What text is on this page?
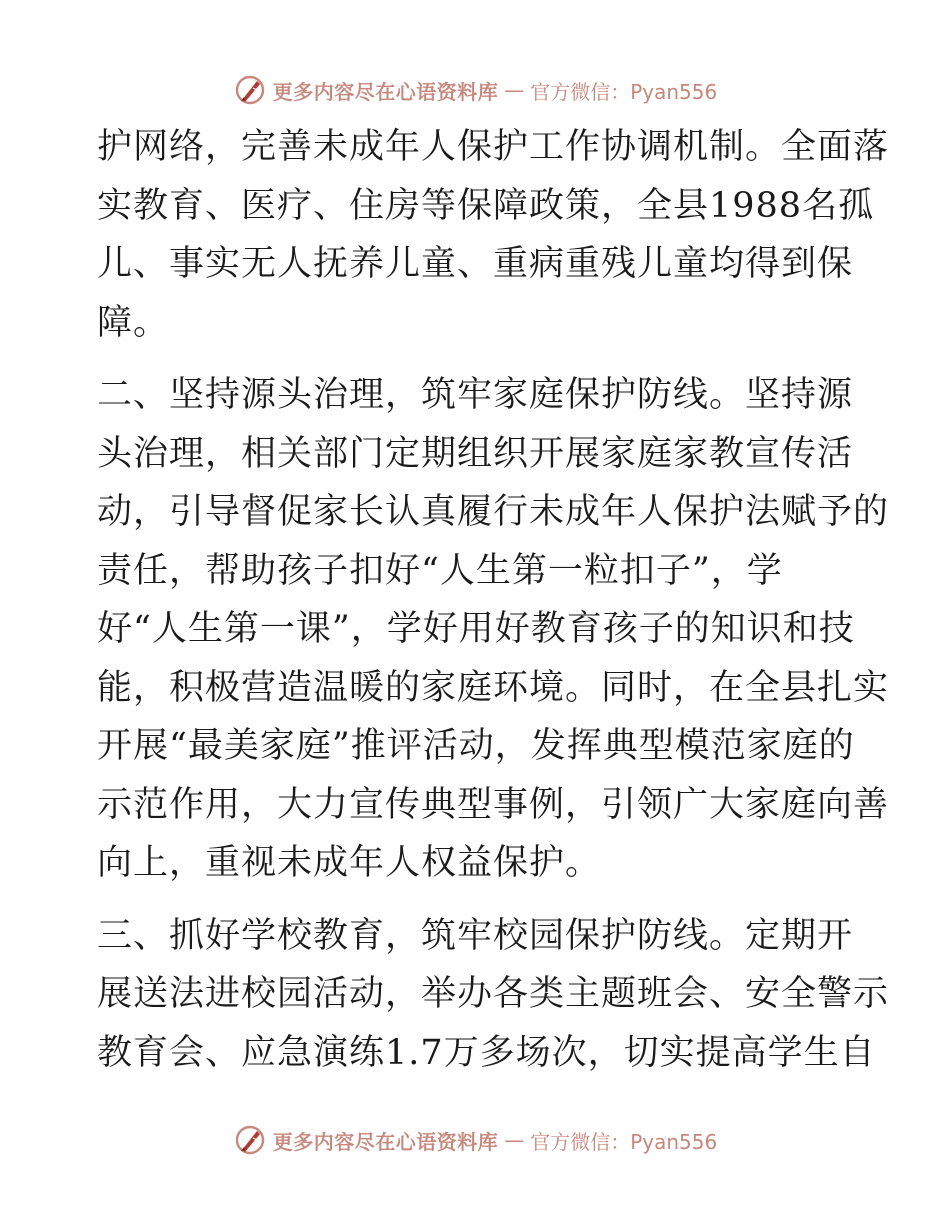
更多内容尽在心语资料库 — 官方微信：Pyan556
护网络，完善未成年人保护工作协调机制。全面落
实教育、医疗、住房等保障政策，全县1988名孤
儿、事实无人抚养儿童、重病重残儿童均得到保
障。
二、坚持源头治理，筑牢家庭保护防线。坚持源
头治理，相关部门定期组织开展家庭家教宣传活
动，引导督促家长认真履行未成年人保护法赋予的
责任，帮助孩子扣好“人生第一粒扣子”，学
好“人生第一课”，学好用好教育孩子的知识和技
能，积极营造温暖的家庭环境。同时，在全县扎实
开展“最美家庭”推评活动，发挥典型模范家庭的
示范作用，大力宣传典型事例，引领广大家庭向善
向上，重视未成年人权益保护。
三、抓好学校教育，筑牢校园保护防线。定期开
展送法进校园活动，举办各类主题班会、安全警示
教育会、应急演练1.7万多场次，切实提高学生自
更多内容尽在心语资料库 — 官方微信：Pyan556
